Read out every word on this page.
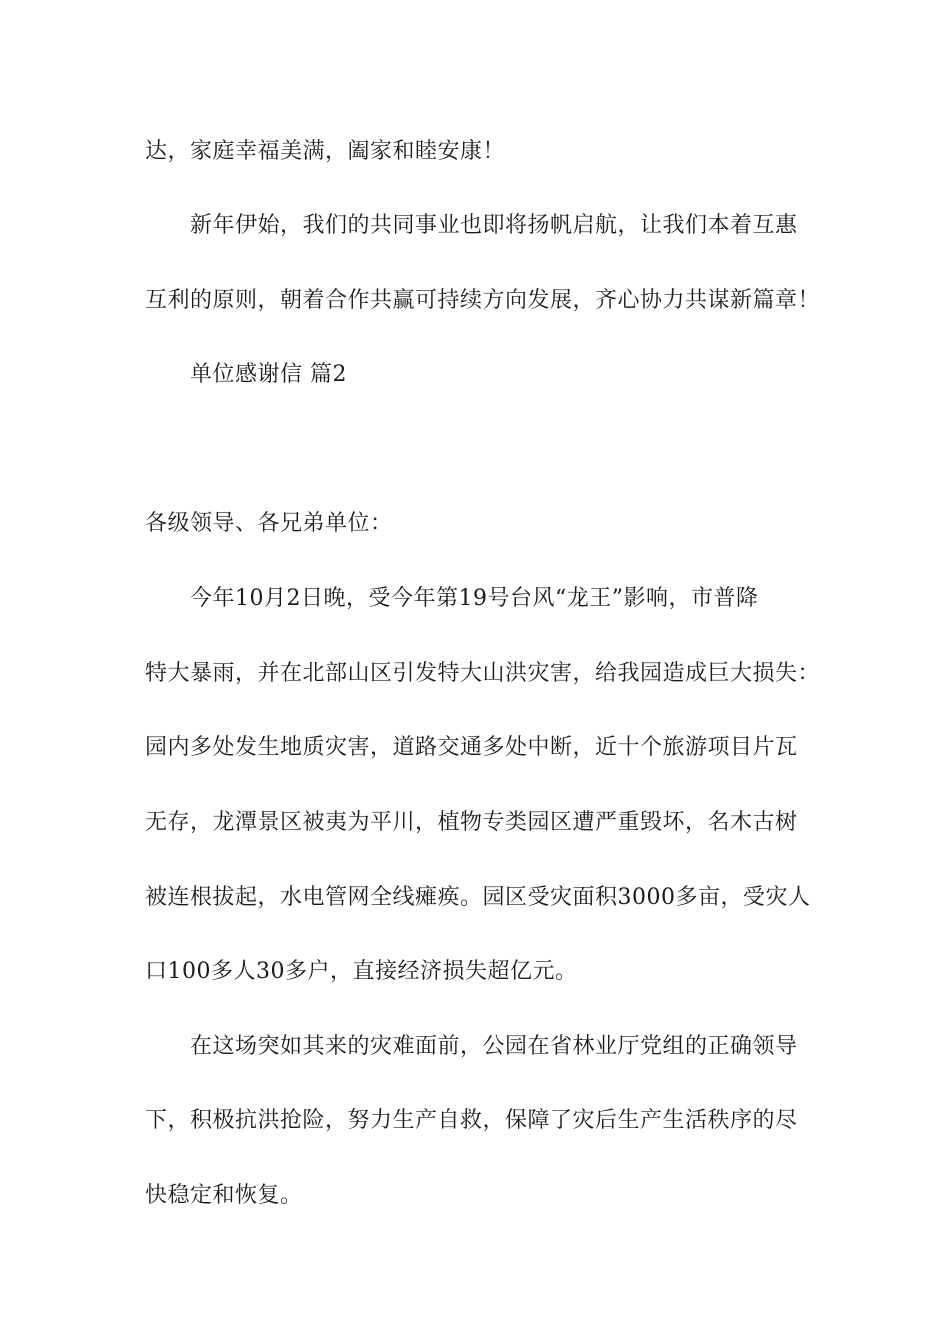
达，家庭幸福美满，阖家和睦安康！
新年伊始，我们的共同事业也即将扬帆启航，让我们本着互惠
互利的原则，朝着合作共赢可持续方向发展，齐心协力共谋新篇章！
单位感谢信 篇2
各级领导、各兄弟单位：
今年10月2日晚，受今年第19号台风“龙王”影响，市普降
特大暴雨，并在北部山区引发特大山洪灾害，给我园造成巨大损失：
园内多处发生地质灾害，道路交通多处中断，近十个旅游项目片瓦
无存，龙潭景区被夷为平川，植物专类园区遭严重毁坏，名木古树
被连根拔起，水电管网全线瘫痪。园区受灾面积3000多亩，受灾人
口100多人30多户，直接经济损失超亿元。
在这场突如其来的灾难面前，公园在省林业厅党组的正确领导
下，积极抗洪抢险，努力生产自救，保障了灾后生产生活秩序的尽
快稳定和恢复。
